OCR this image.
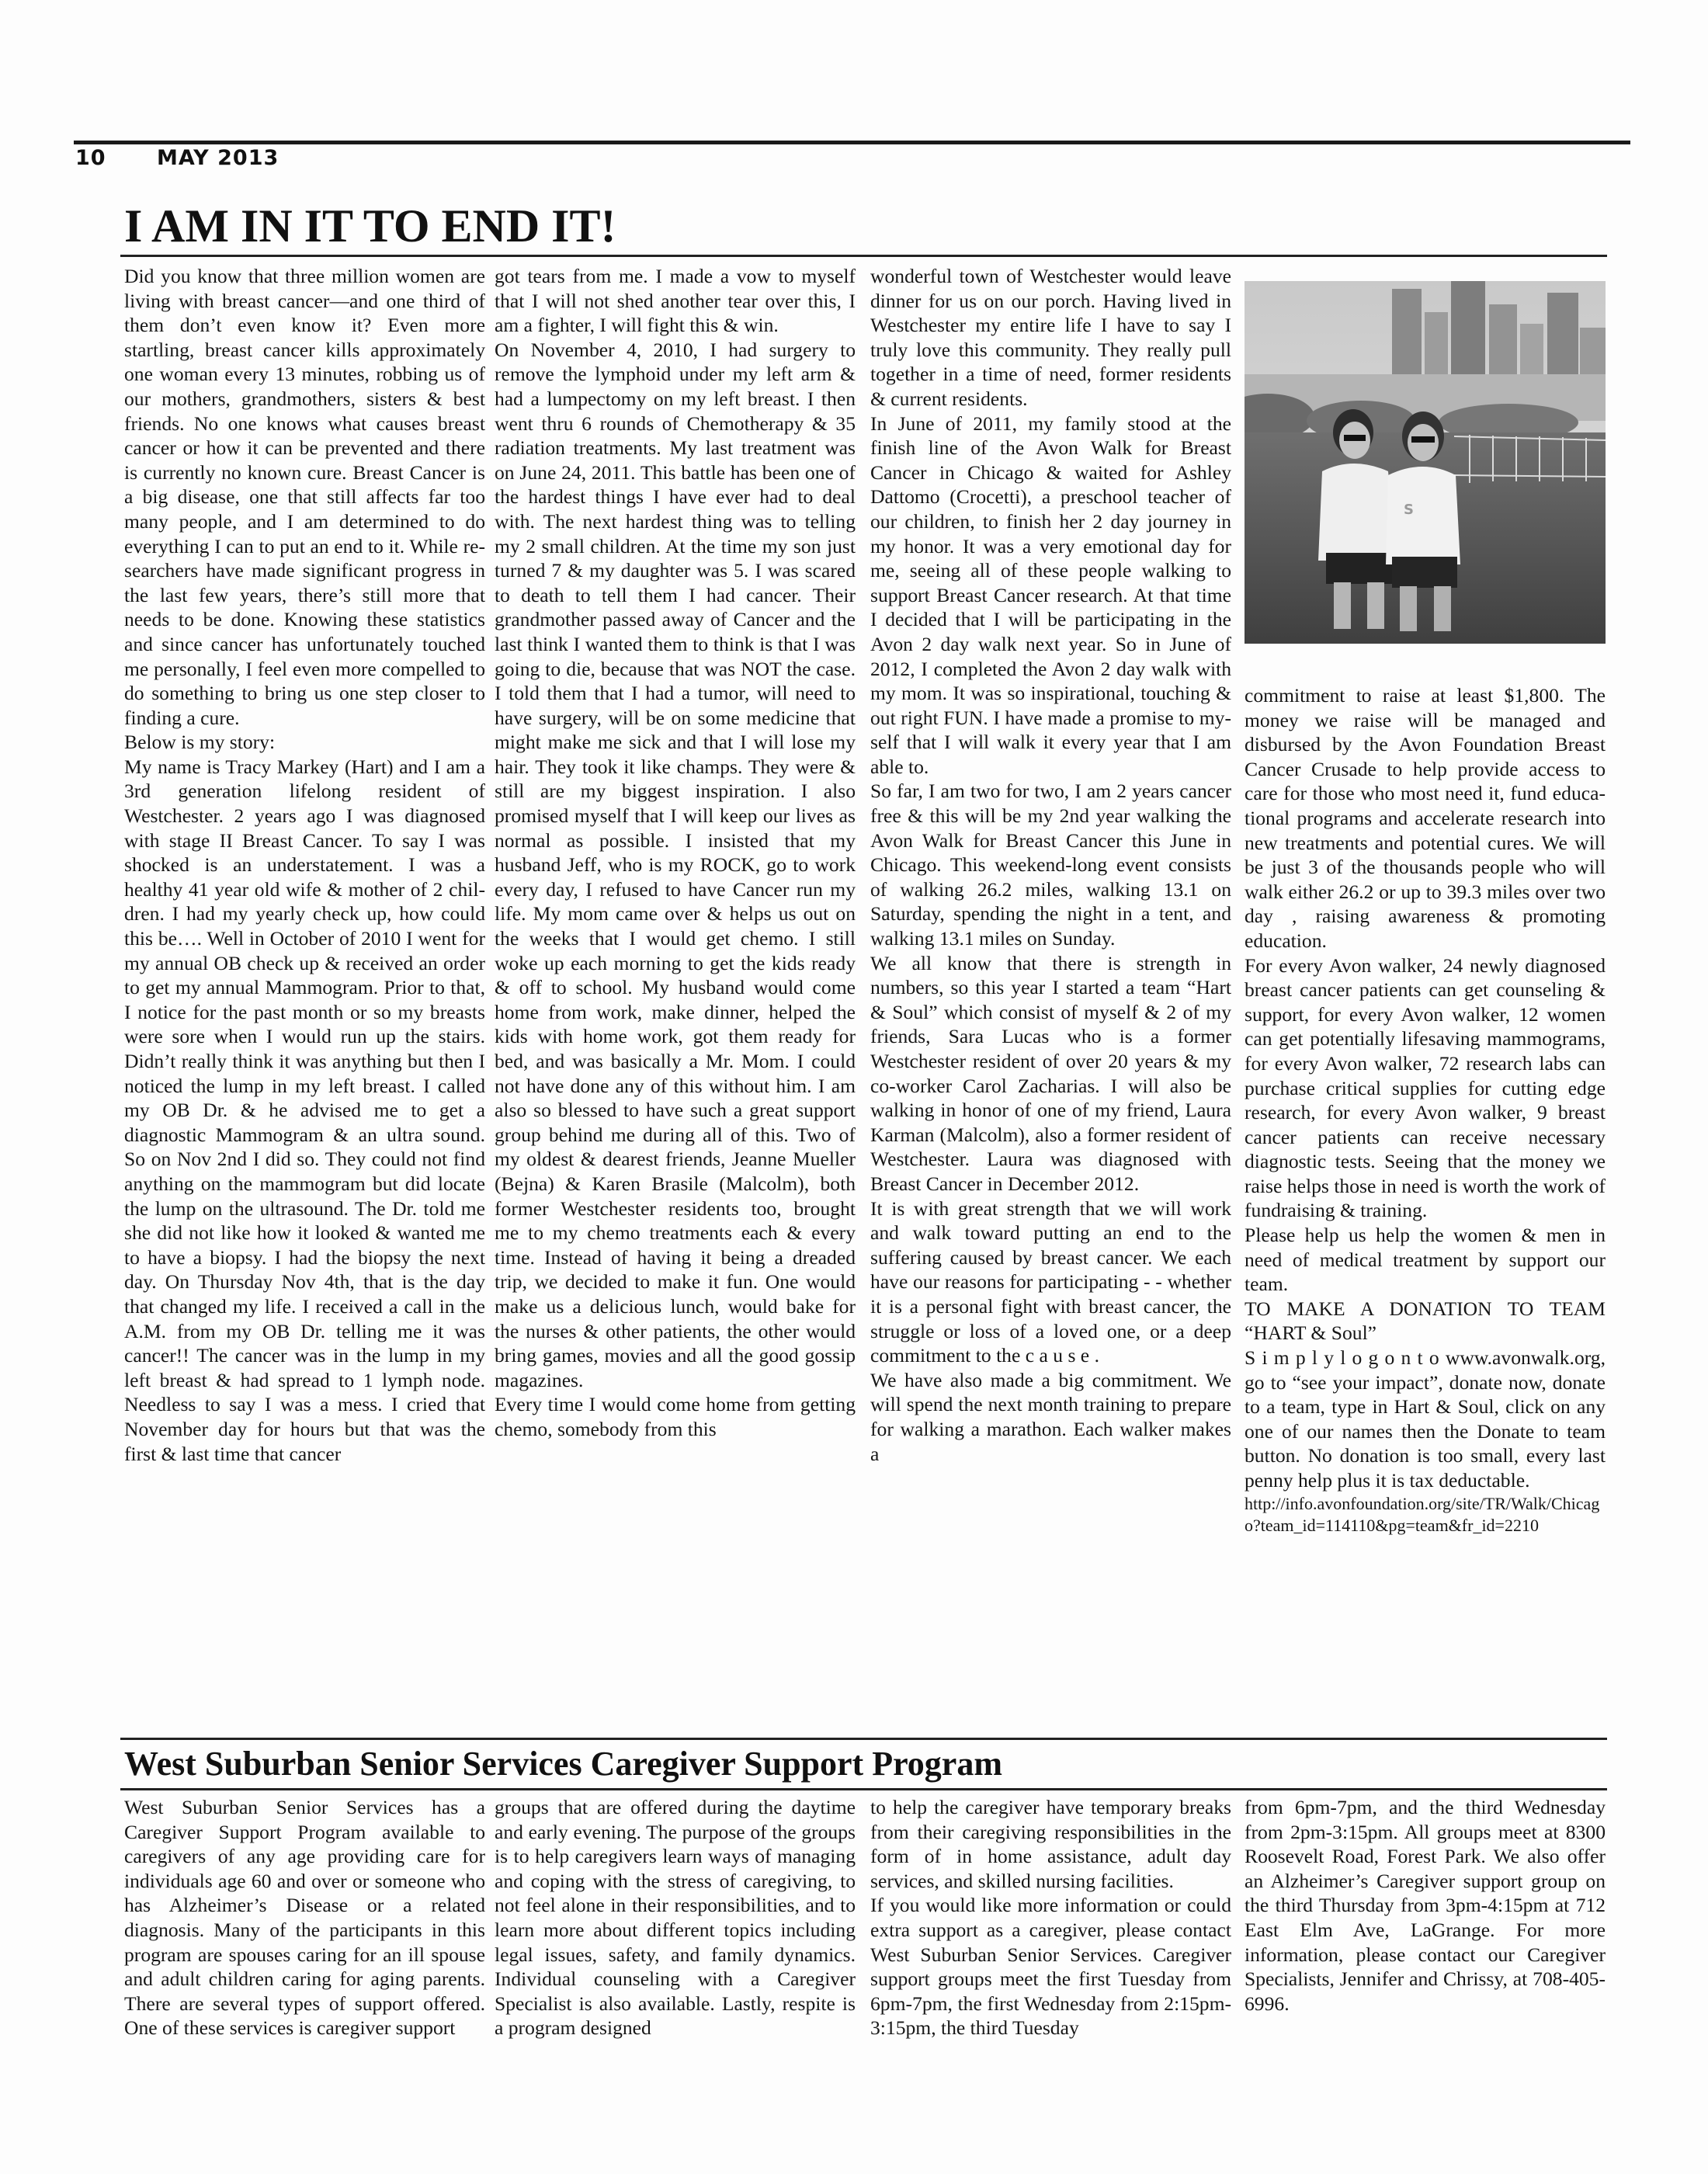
10 MAY 2013
I AM IN IT TO END IT!

Did you know that three million women are living with breast cancer—and one third of them don’t even know it? Even more startling, breast cancer kills approximately one woman every 13 minutes, robbing us of our mothers, grandmothers, sisters & best friends. No one knows what causes breast cancer or how it can be prevented and there is currently no known cure. Breast Cancer is a big disease, one that still affects far too many people, and I am determined to do everything I can to put an end to it. While researchers have made significant progress in the last few years, there’s still more that needs to be done. Knowing these statistics and since cancer has unfortunately touched me personally, I feel even more compelled to do something to bring us one step closer to finding a cure.

Below is my story:

My name is Tracy Markey (Hart) and I am a 3rd generation lifelong resident of Westchester. 2 years ago I was diagnosed with stage II Breast Cancer. To say I was shocked is an understatement. I was a healthy 41 year old wife & mother of 2 children. I had my yearly check up, how could this be…. Well in October of 2010 I went for my annual OB check up & received an order to get my annual Mammogram. Prior to that, I notice for the past month or so my breasts were sore when I would run up the stairs. Didn’t really think it was anything but then I noticed the lump in my left breast. I called my OB Dr. & he advised me to get a diagnostic Mammogram & an ultra sound. So on Nov 2nd I did so. They could not find anything on the mammogram but did locate the lump on the ultrasound. The Dr. told me she did not like how it looked & wanted me to have a biopsy. I had the biopsy the next day. On Thursday Nov 4th, that is the day that changed my life. I received a call in the A.M. from my OB Dr. telling me it was cancer!! The cancer was in the lump in my left breast & had spread to 1 lymph node. Needless to say I was a mess. I cried that November day for hours but that was the first & last time that cancer

got tears from me. I made a vow to myself that I will not shed another tear over this, I am a fighter, I will fight this & win.

On November 4, 2010, I had surgery to remove the lymphoid under my left arm & had a lumpectomy on my left breast. I then went thru 6 rounds of Chemotherapy & 35 radiation treatments. My last treatment was on June 24, 2011. This battle has been one of the hardest things I have ever had to deal with. The next hardest thing was to telling my 2 small children. At the time my son just turned 7 & my daughter was 5. I was scared to death to tell them I had cancer. Their grandmother passed away of Cancer and the last think I wanted them to think is that I was going to die, because that was NOT the case. I told them that I had a tumor, will need to have surgery, will be on some medicine that might make me sick and that I will lose my hair. They took it like champs. They were & still are my biggest inspiration. I also promised myself that I will keep our lives as normal as possible. I insisted that my husband Jeff, who is my ROCK, go to work every day, I refused to have Cancer run my life. My mom came over & helps us out on the weeks that I would get chemo. I still woke up each morning to get the kids ready & off to school. My husband would come home from work, make dinner, helped the kids with home work, got them ready for bed, and was basically a Mr. Mom. I could not have done any of this without him. I am also so blessed to have such a great support group behind me during all of this. Two of my oldest & dearest friends, Jeanne Mueller (Bejna) & Karen Brasile (Malcolm), both former Westchester residents too, brought me to my chemo treatments each & every time. Instead of having it being a dreaded trip, we decided to make it fun. One would make us a delicious lunch, would bake for the nurses & other patients, the other would bring games, movies and all the good gossip magazines.

Every time I would come home from getting chemo, somebody from this

wonderful town of Westchester would leave dinner for us on our porch. Having lived in Westchester my entire life I have to say I truly love this community. They really pull together in a time of need, former residents & current residents.

In June of 2011, my family stood at the finish line of the Avon Walk for Breast Cancer in Chicago & waited for Ashley Dattomo (Crocetti), a preschool teacher of our children, to finish her 2 day journey in my honor. It was a very emotional day for me, seeing all of these people walking to support Breast Cancer research. At that time I decided that I will be participating in the Avon 2 day walk next year. So in June of 2012, I completed the Avon 2 day walk with my mom. It was so inspirational, touching & out right FUN. I have made a promise to myself that I will walk it every year that I am able to.

So far, I am two for two, I am 2 years cancer free & this will be my 2nd year walking the Avon Walk for Breast Cancer this June in Chicago. This weekend-long event consists of walking 26.2 miles, walking 13.1 on Saturday, spending the night in a tent, and walking 13.1 miles on Sunday.

We all know that there is strength in numbers, so this year I started a team “Hart & Soul” which consist of myself & 2 of my friends, Sara Lucas who is a former Westchester resident of over 20 years & my co-worker Carol Zacharias. I will also be walking in honor of one of my friend, Laura Karman (Malcolm), also a former resident of Westchester. Laura was diagnosed with Breast Cancer in December 2012.

It is with great strength that we will work and walk toward putting an end to the suffering caused by breast cancer. We each have our reasons for participating - - whether it is a personal fight with breast cancer, the struggle or loss of a loved one, or a deep commitment to the c a u s e .

We have also made a big commitment. We will spend the next month training to prepare for walking a marathon. Each walker makes a

S

commitment to raise at least $1,800. The money we raise will be managed and disbursed by the Avon Foundation Breast Cancer Crusade to help provide access to care for those who most need it, fund educational programs and accelerate research into new treatments and potential cures. We will be just 3 of the thousands people who will walk either 26.2 or up to 39.3 miles over two day , raising awareness & promoting education.

For every Avon walker, 24 newly diagnosed breast cancer patients can get counseling & support, for every Avon walker, 12 women can get potentially lifesaving mammograms, for every Avon walker, 72 research labs can purchase critical supplies for cutting edge research, for every Avon walker, 9 breast cancer patients can receive necessary diagnostic tests. Seeing that the money we raise helps those in need is worth the work of fundraising & training.

Please help us help the women & men in need of medical treatment by support our team.

TO MAKE A DONATION TO TEAM “HART & Soul”

S i m p l y l o g o n t o www.avonwalk.org, go to “see your impact”, donate now, donate to a team, type in Hart & Soul, click on any one of our names then the Donate to team button. No donation is too small, every last penny help plus it is tax deductable.

http://info.avonfoundation.org/site/TR/Walk/Chicago?team_id=114110&pg=team&fr_id=2210

West Suburban Senior Services Caregiver Support Program

West Suburban Senior Services has a Caregiver Support Program available to caregivers of any age providing care for individuals age 60 and over or someone who has Alzheimer’s Disease or a related diagnosis. Many of the participants in this program are spouses caring for an ill spouse and adult children caring for aging parents. There are several types of support offered. One of these services is caregiver support

groups that are offered during the daytime and early evening. The purpose of the groups is to help caregivers learn ways of managing and coping with the stress of caregiving, to not feel alone in their responsibilities, and to learn more about different topics including legal issues, safety, and family dynamics. Individual counseling with a Caregiver Specialist is also available. Lastly, respite is a program designed

to help the caregiver have temporary breaks from their caregiving responsibilities in the form of in home assistance, adult day services, and skilled nursing facilities.

If you would like more information or could extra support as a caregiver, please contact West Suburban Senior Services. Caregiver support groups meet the first Tuesday from 6pm-7pm, the first Wednesday from 2:15pm-3:15pm, the third Tuesday

from 6pm-7pm, and the third Wednesday from 2pm-3:15pm. All groups meet at 8300 Roosevelt Road, Forest Park. We also offer an Alzheimer’s Caregiver support group on the third Thursday from 3pm-4:15pm at 712 East Elm Ave, LaGrange. For more information, please contact our Caregiver Specialists, Jennifer and Chrissy, at 708-405-6996.
